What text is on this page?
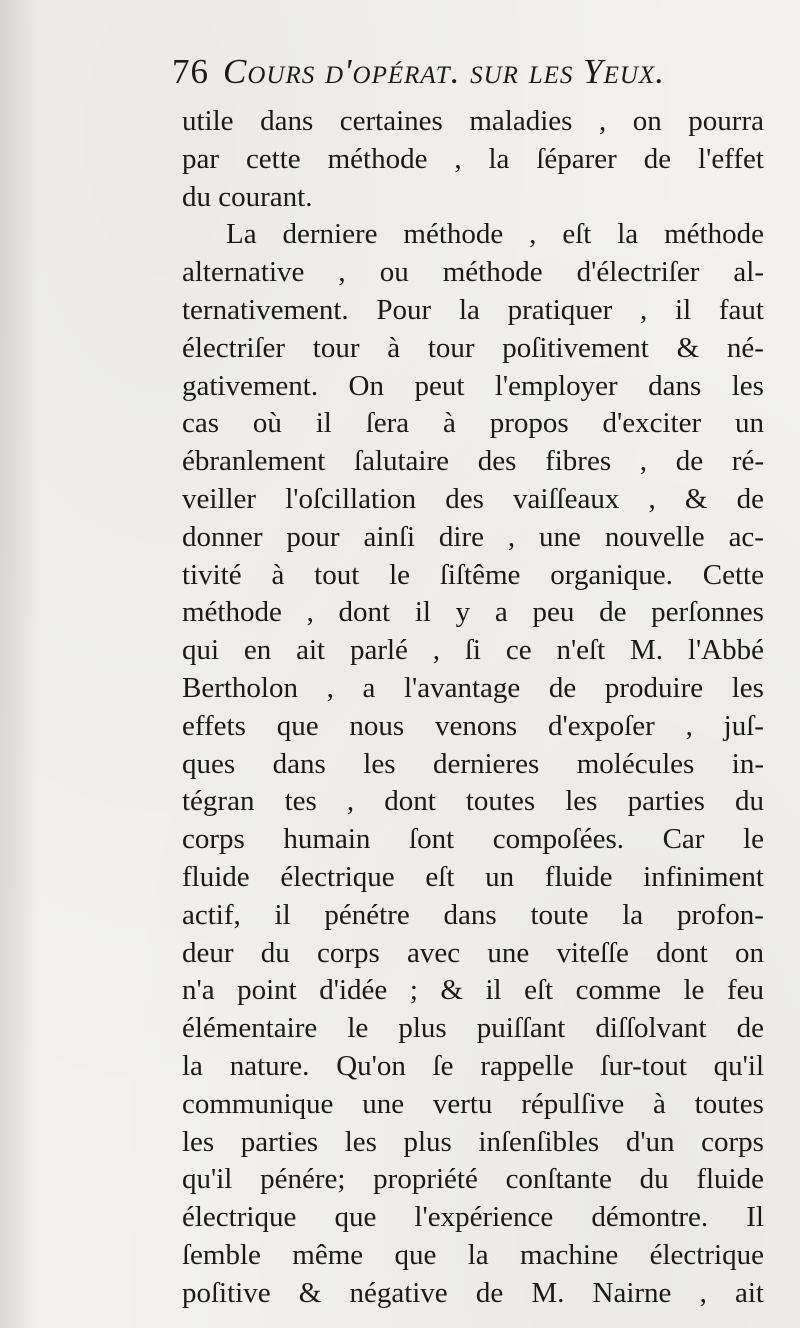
76 Cours d'opérat. sur les Yeux.
utile dans certaines maladies , on pourra
par cette méthode , la ſéparer de l'effet
du courant.
La derniere méthode , eſt la méthode
alternative , ou méthode d'électriſer al-
ternativement. Pour la pratiquer , il faut
électriſer tour à tour poſitivement & né-
gativement. On peut l'employer dans les
cas où il ſera à propos d'exciter un
ébranlement ſalutaire des fibres , de ré-
veiller l'oſcillation des vaiſſeaux , & de
donner pour ainſi dire , une nouvelle ac-
tivité à tout le ſiſtême organique. Cette
méthode , dont il y a peu de perſonnes
qui en ait parlé , ſi ce n'eſt M. l'Abbé
Bertholon , a l'avantage de produire les
effets que nous venons d'expoſer , juſ-
ques dans les dernieres molécules in-
tégran tes , dont toutes les parties du
corps humain ſont compoſées. Car le
fluide électrique eſt un fluide infiniment
actif, il pénétre dans toute la profon-
deur du corps avec une viteſſe dont on
n'a point d'idée ; & il eſt comme le feu
élémentaire le plus puiſſant diſſolvant de
la nature. Qu'on ſe rappelle ſur-tout qu'il
communique une vertu répulſive à toutes
les parties les plus inſenſibles d'un corps
qu'il pénére; propriété conſtante du fluide
électrique que l'expérience démontre. Il
ſemble même que la machine électrique
poſitive & négative de M. Nairne , ait
